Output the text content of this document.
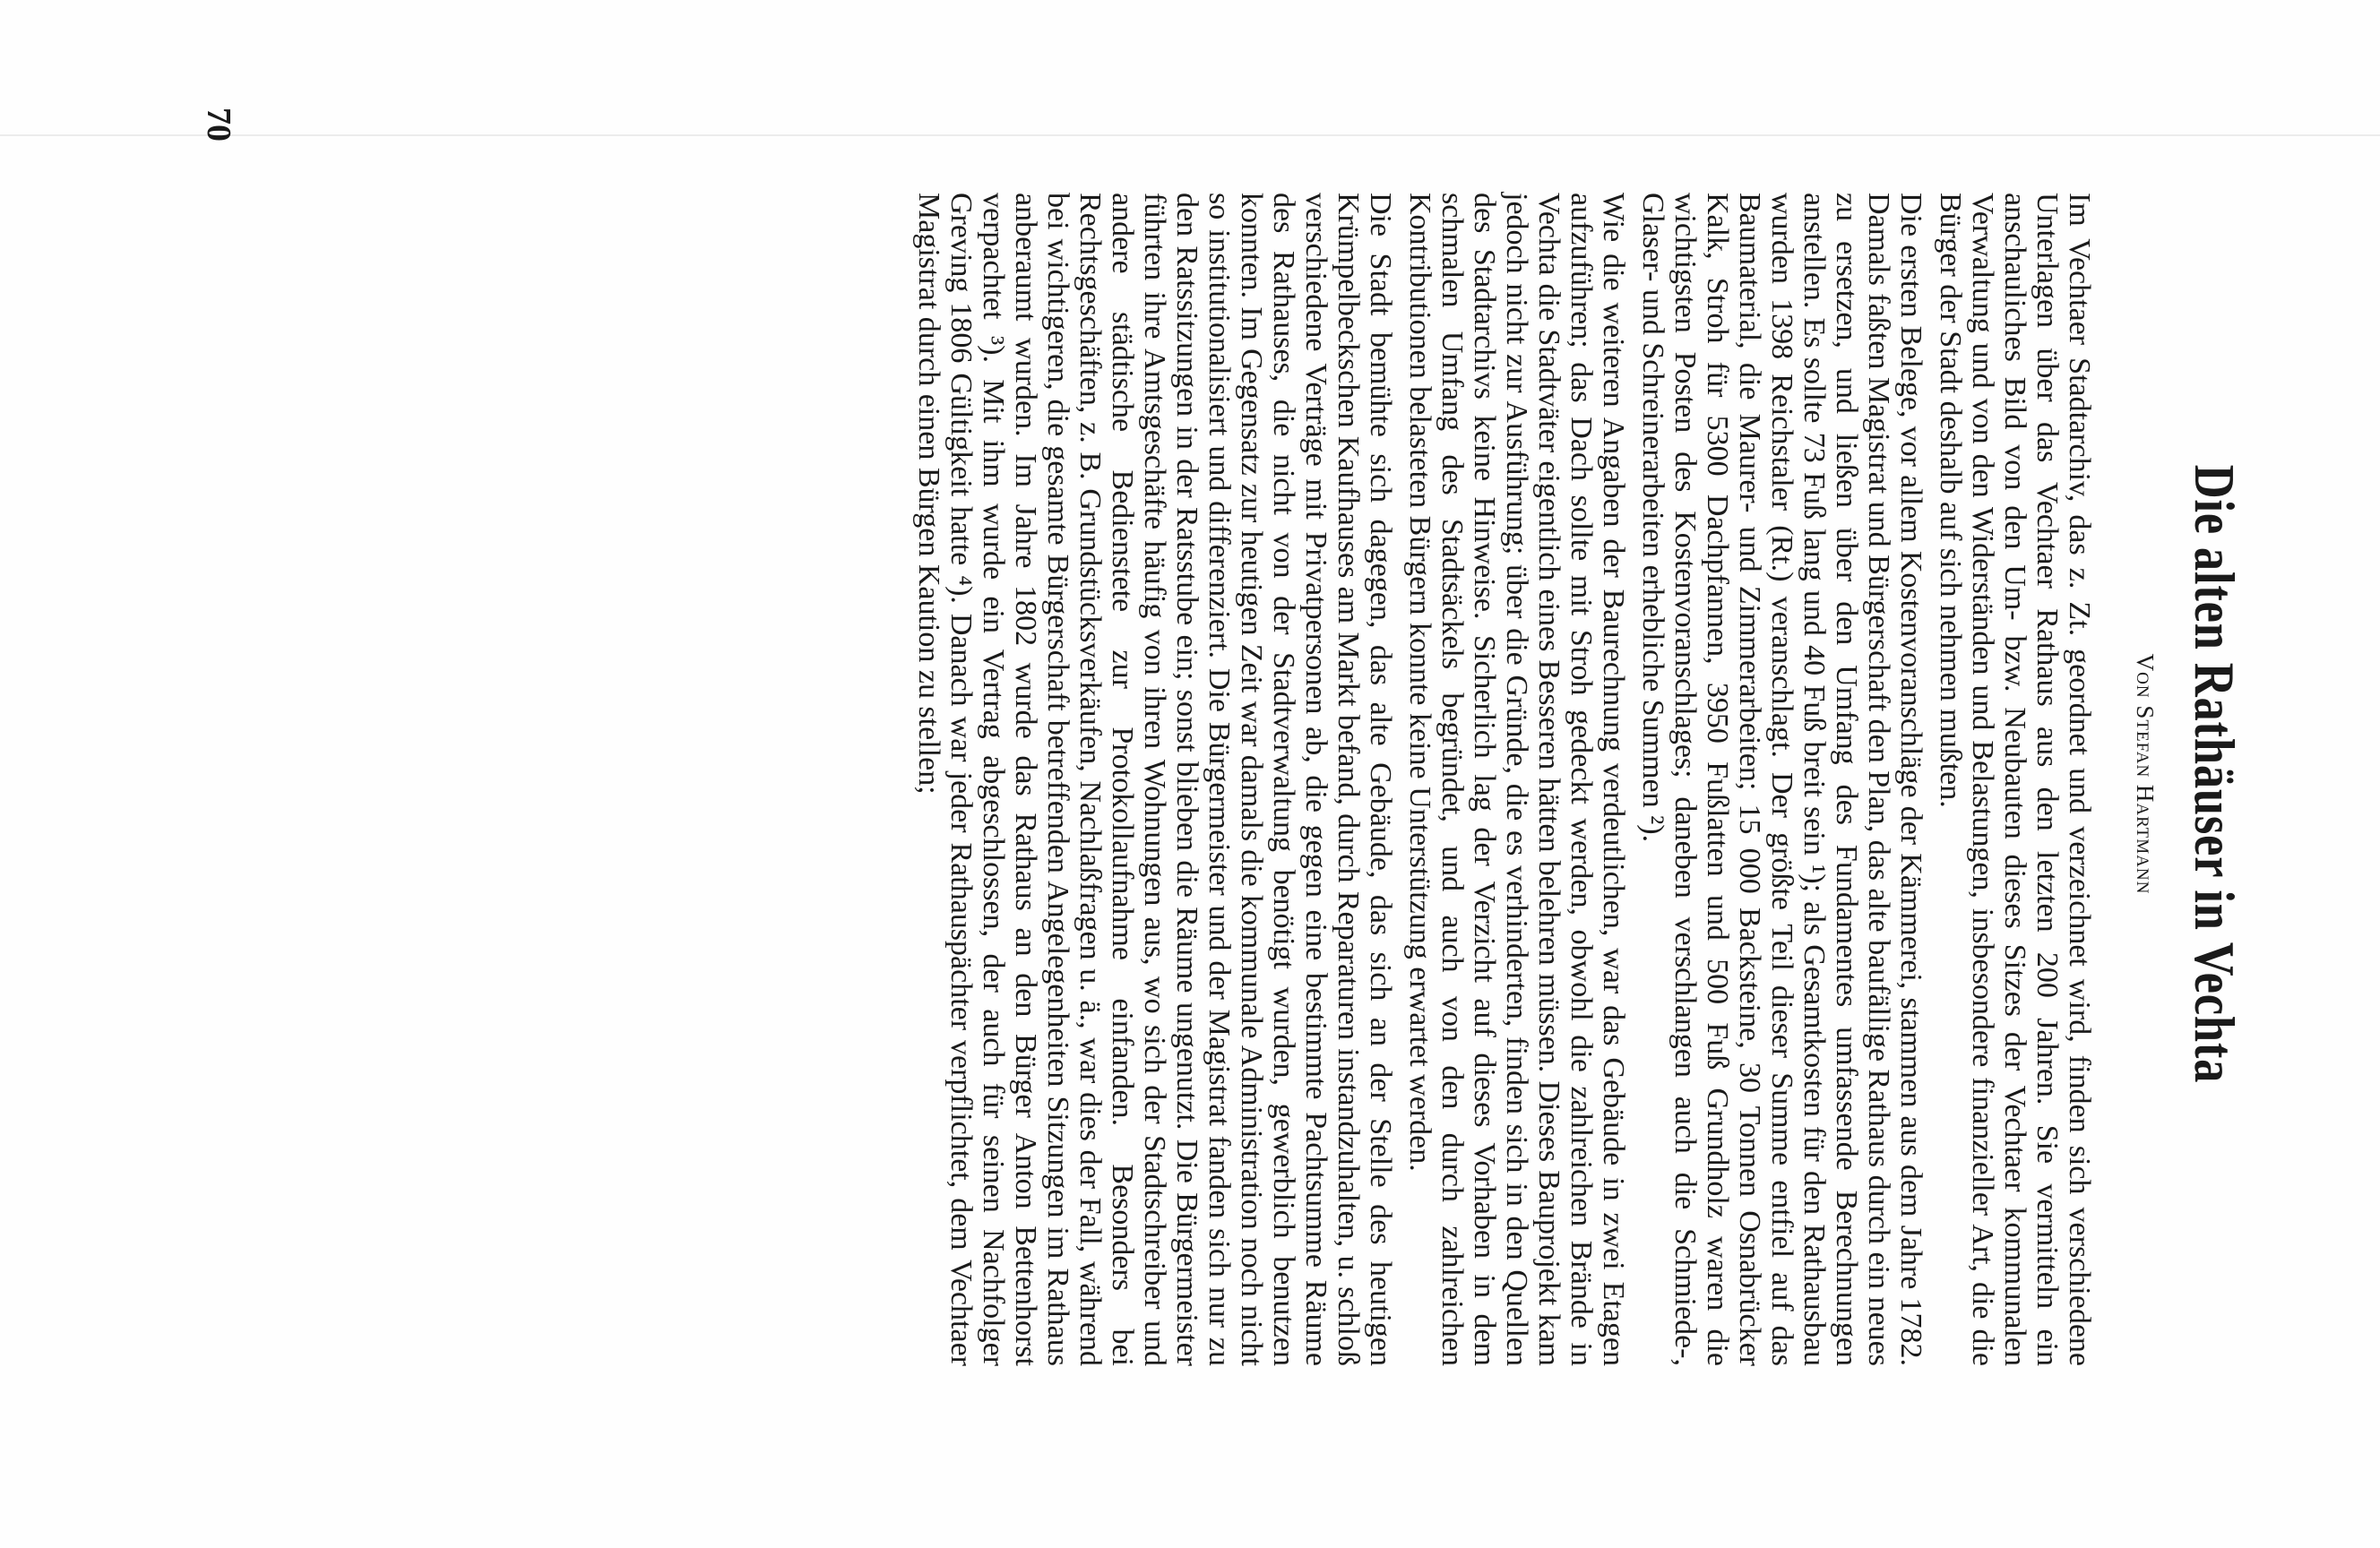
Die alten Rathäuser in Vechta
Von Stefan Hartmann

Im Vechtaer Stadtarchiv, das z. Zt. geordnet und verzeichnet wird, finden sich verschiedene Unterlagen über das Vechtaer Rathaus aus den letzten 200 Jahren. Sie vermitteln ein anschauliches Bild von den Um- bzw. Neubauten dieses Sitzes der Vechtaer kommunalen Verwaltung und von den Widerständen und Belastungen, insbesondere finanzieller Art, die die Bürger der Stadt deshalb auf sich nehmen mußten.

Die ersten Belege, vor allem Kostenvoranschläge der Kämmerei, stammen aus dem Jahre 1782. Damals faßten Magistrat und Bürgerschaft den Plan, das alte baufällige Rathaus durch ein neues zu ersetzen, und ließen über den Umfang des Fundamentes umfassende Berechnungen anstellen. Es sollte 73 Fuß lang und 40 Fuß breit sein ¹); als Gesamtkosten für den Rathausbau wurden 1398 Reichstaler (Rt.) veranschlagt. Der größte Teil dieser Summe entfiel auf das Baumaterial, die Maurer- und Zimmerarbeiten; 15 000 Backsteine, 30 Tonnen Osnabrücker Kalk, Stroh für 5300 Dachpfannen, 3950 Fußlatten und 500 Fuß Grundholz waren die wichtigsten Posten des Kostenvoranschlages; daneben verschlangen auch die Schmiede-, Glaser- und Schreinerarbeiten erhebliche Summen ²).

Wie die weiteren Angaben der Baurechnung verdeutlichen, war das Gebäude in zwei Etagen aufzuführen; das Dach sollte mit Stroh gedeckt werden, obwohl die zahlreichen Brände in Vechta die Stadtväter eigentlich eines Besseren hätten belehren müssen. Dieses Bauprojekt kam jedoch nicht zur Ausführung; über die Gründe, die es verhinderten, finden sich in den Quellen des Stadtarchivs keine Hinweise. Sicherlich lag der Verzicht auf dieses Vorhaben in dem schmalen Umfang des Stadtsäckels begründet, und auch von den durch zahlreichen Kontributionen belasteten Bürgern konnte keine Unterstützung erwartet werden.

Die Stadt bemühte sich dagegen, das alte Gebäude, das sich an der Stelle des heutigen Krümpelbeckschen Kaufhauses am Markt befand, durch Reparaturen instandzuhalten, u. schloß verschiedene Verträge mit Privatpersonen ab, die gegen eine bestimmte Pachtsumme Räume des Rathauses, die nicht von der Stadtverwaltung benötigt wurden, gewerblich benutzen konnten. Im Gegensatz zur heutigen Zeit war damals die kommunale Administration noch nicht so institutionalisiert und differenziert. Die Bürgermeister und der Magistrat fanden sich nur zu den Ratssitzungen in der Ratsstube ein; sonst blieben die Räume ungenutzt. Die Bürgermeister führten ihre Amtsgeschäfte häufig von ihren Wohnungen aus, wo sich der Stadtschreiber und andere städtische Bedienstete zur Protokollaufnahme einfanden. Besonders bei Rechtsgeschäften, z. B. Grundstücksverkäufen, Nachlaßfragen u. ä., war dies der Fall, während bei wichtigeren, die gesamte Bürgerschaft betreffenden Angelegenheiten Sitzungen im Rathaus anberaumt wurden. Im Jahre 1802 wurde das Rathaus an den Bürger Anton Bettenhorst verpachtet ³). Mit ihm wurde ein Vertrag abgeschlossen, der auch für seinen Nachfolger Greving 1806 Gültigkeit hatte ⁴). Danach war jeder Rathauspächter verpflichtet, dem Vechtaer Magistrat durch einen Bürgen Kaution zu stellen;

70
